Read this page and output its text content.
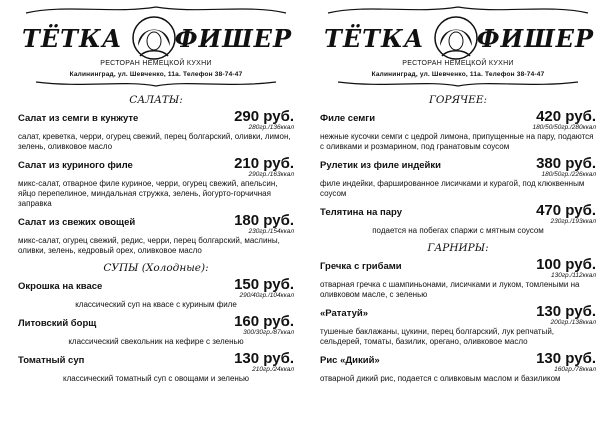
ТЁТКА ФИШЕР
РЕСТОРАН НЕМЕЦКОЙ КУХНИ
Калининград, ул. Шевченко, 11а. Телефон 38-74-47
САЛАТЫ:
Салат из семги в кунжуте	290 руб.
280гр./136ккал
салат, креветка, черри, огурец свежий, перец болгарский, оливки, лимон, зелень, оливковое масло
Салат из куриного филе	210 руб.
290гр./163ккал
микс-салат, отварное филе куриное, черри, огурец свежий, апельсин, яйцо перепелиное, миндальная стружка, зелень, йогурто-горчичная заправка
Салат из свежих овощей	180 руб.
230гр./154ккал
микс-салат, огурец свежий, редис, черри, перец болгарский, маслины, оливки, зелень, кедровый орех, оливковое масло
СУПЫ (Холодные):
Окрошка на квасе	150 руб.
290/40гр./104ккал
классический суп на квасе с куриным филе
Литовский борщ	160 руб.
300/30гр./87ккал
классический свекольник на кефире с зеленью
Томатный суп	130 руб.
210гр./24ккал
классический томатный суп с овощами и зеленью
ТЁТКА ФИШЕР
РЕСТОРАН НЕМЕЦКОЙ КУХНИ
Калининград, ул. Шевченко, 11а. Телефон 38-74-47
ГОРЯЧЕЕ:
Филе семги	420 руб.
180/50/50гр./280ккал
нежные кусочки семги с цедрой лимона, припущенные на пару, подаются с оливками и розмарином, под гранатовым соусом
Рулетик из филе индейки	380 руб.
180/50гр./226ккал
филе индейки, фаршированное лисичками и курагой, под клюквенным соусом
Телятина на пару	470 руб.
230гр./193ккал
подается на побегах спаржи с мятным соусом
ГАРНИРЫ:
Гречка с грибами	100 руб.
130гр./112ккал
отварная гречка с шампиньонами, лисичками и луком, томлеными на оливковом масле, с зеленью
«Рататуй»	130 руб.
200гр./138ккал
тушеные баклажаны, цукини, перец болгарский, лук репчатый, сельдерей, томаты, базилик, орегано, оливковое масло
Рис «Дикий»	130 руб.
160гр./78ккал
отварной дикий рис, подается с оливковым маслом и базиликом
